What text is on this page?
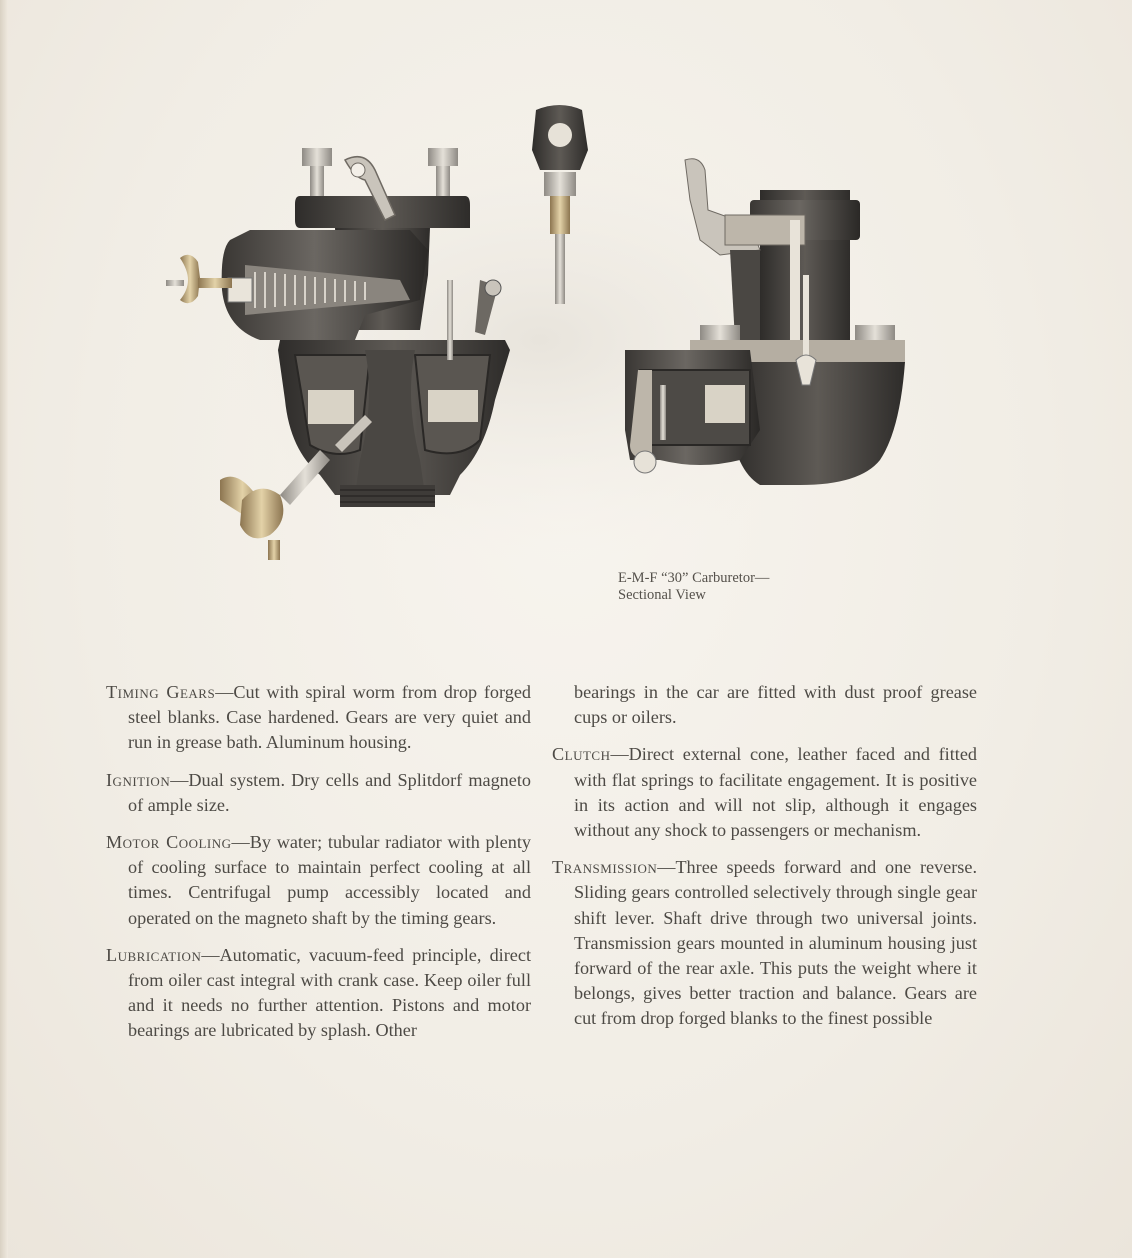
E-M-F “30” Carburetor—
Sectional View

Timing Gears—Cut with spiral worm from drop forged steel blanks. Case hardened. Gears are very quiet and run in grease bath. Aluminum housing.

Ignition—Dual system. Dry cells and Splitdorf magneto of ample size.

Motor Cooling—By water; tubular radiator with plenty of cooling surface to maintain perfect cooling at all times. Centrifugal pump accessibly located and operated on the magneto shaft by the timing gears.

Lubrication—Automatic, vacuum-feed principle, direct from oiler cast integral with crank case. Keep oiler full and it needs no further attention. Pistons and motor bearings are lubricated by splash. Other

bearings in the car are fitted with dust proof grease cups or oilers.

Clutch—Direct external cone, leather faced and fitted with flat springs to facilitate engagement. It is positive in its action and will not slip, although it engages without any shock to passengers or mechanism.

Transmission—Three speeds forward and one reverse. Sliding gears controlled selectively through single gear shift lever. Shaft drive through two universal joints. Transmission gears mounted in aluminum housing just forward of the rear axle. This puts the weight where it belongs, gives better traction and balance. Gears are cut from drop forged blanks to the finest possible
